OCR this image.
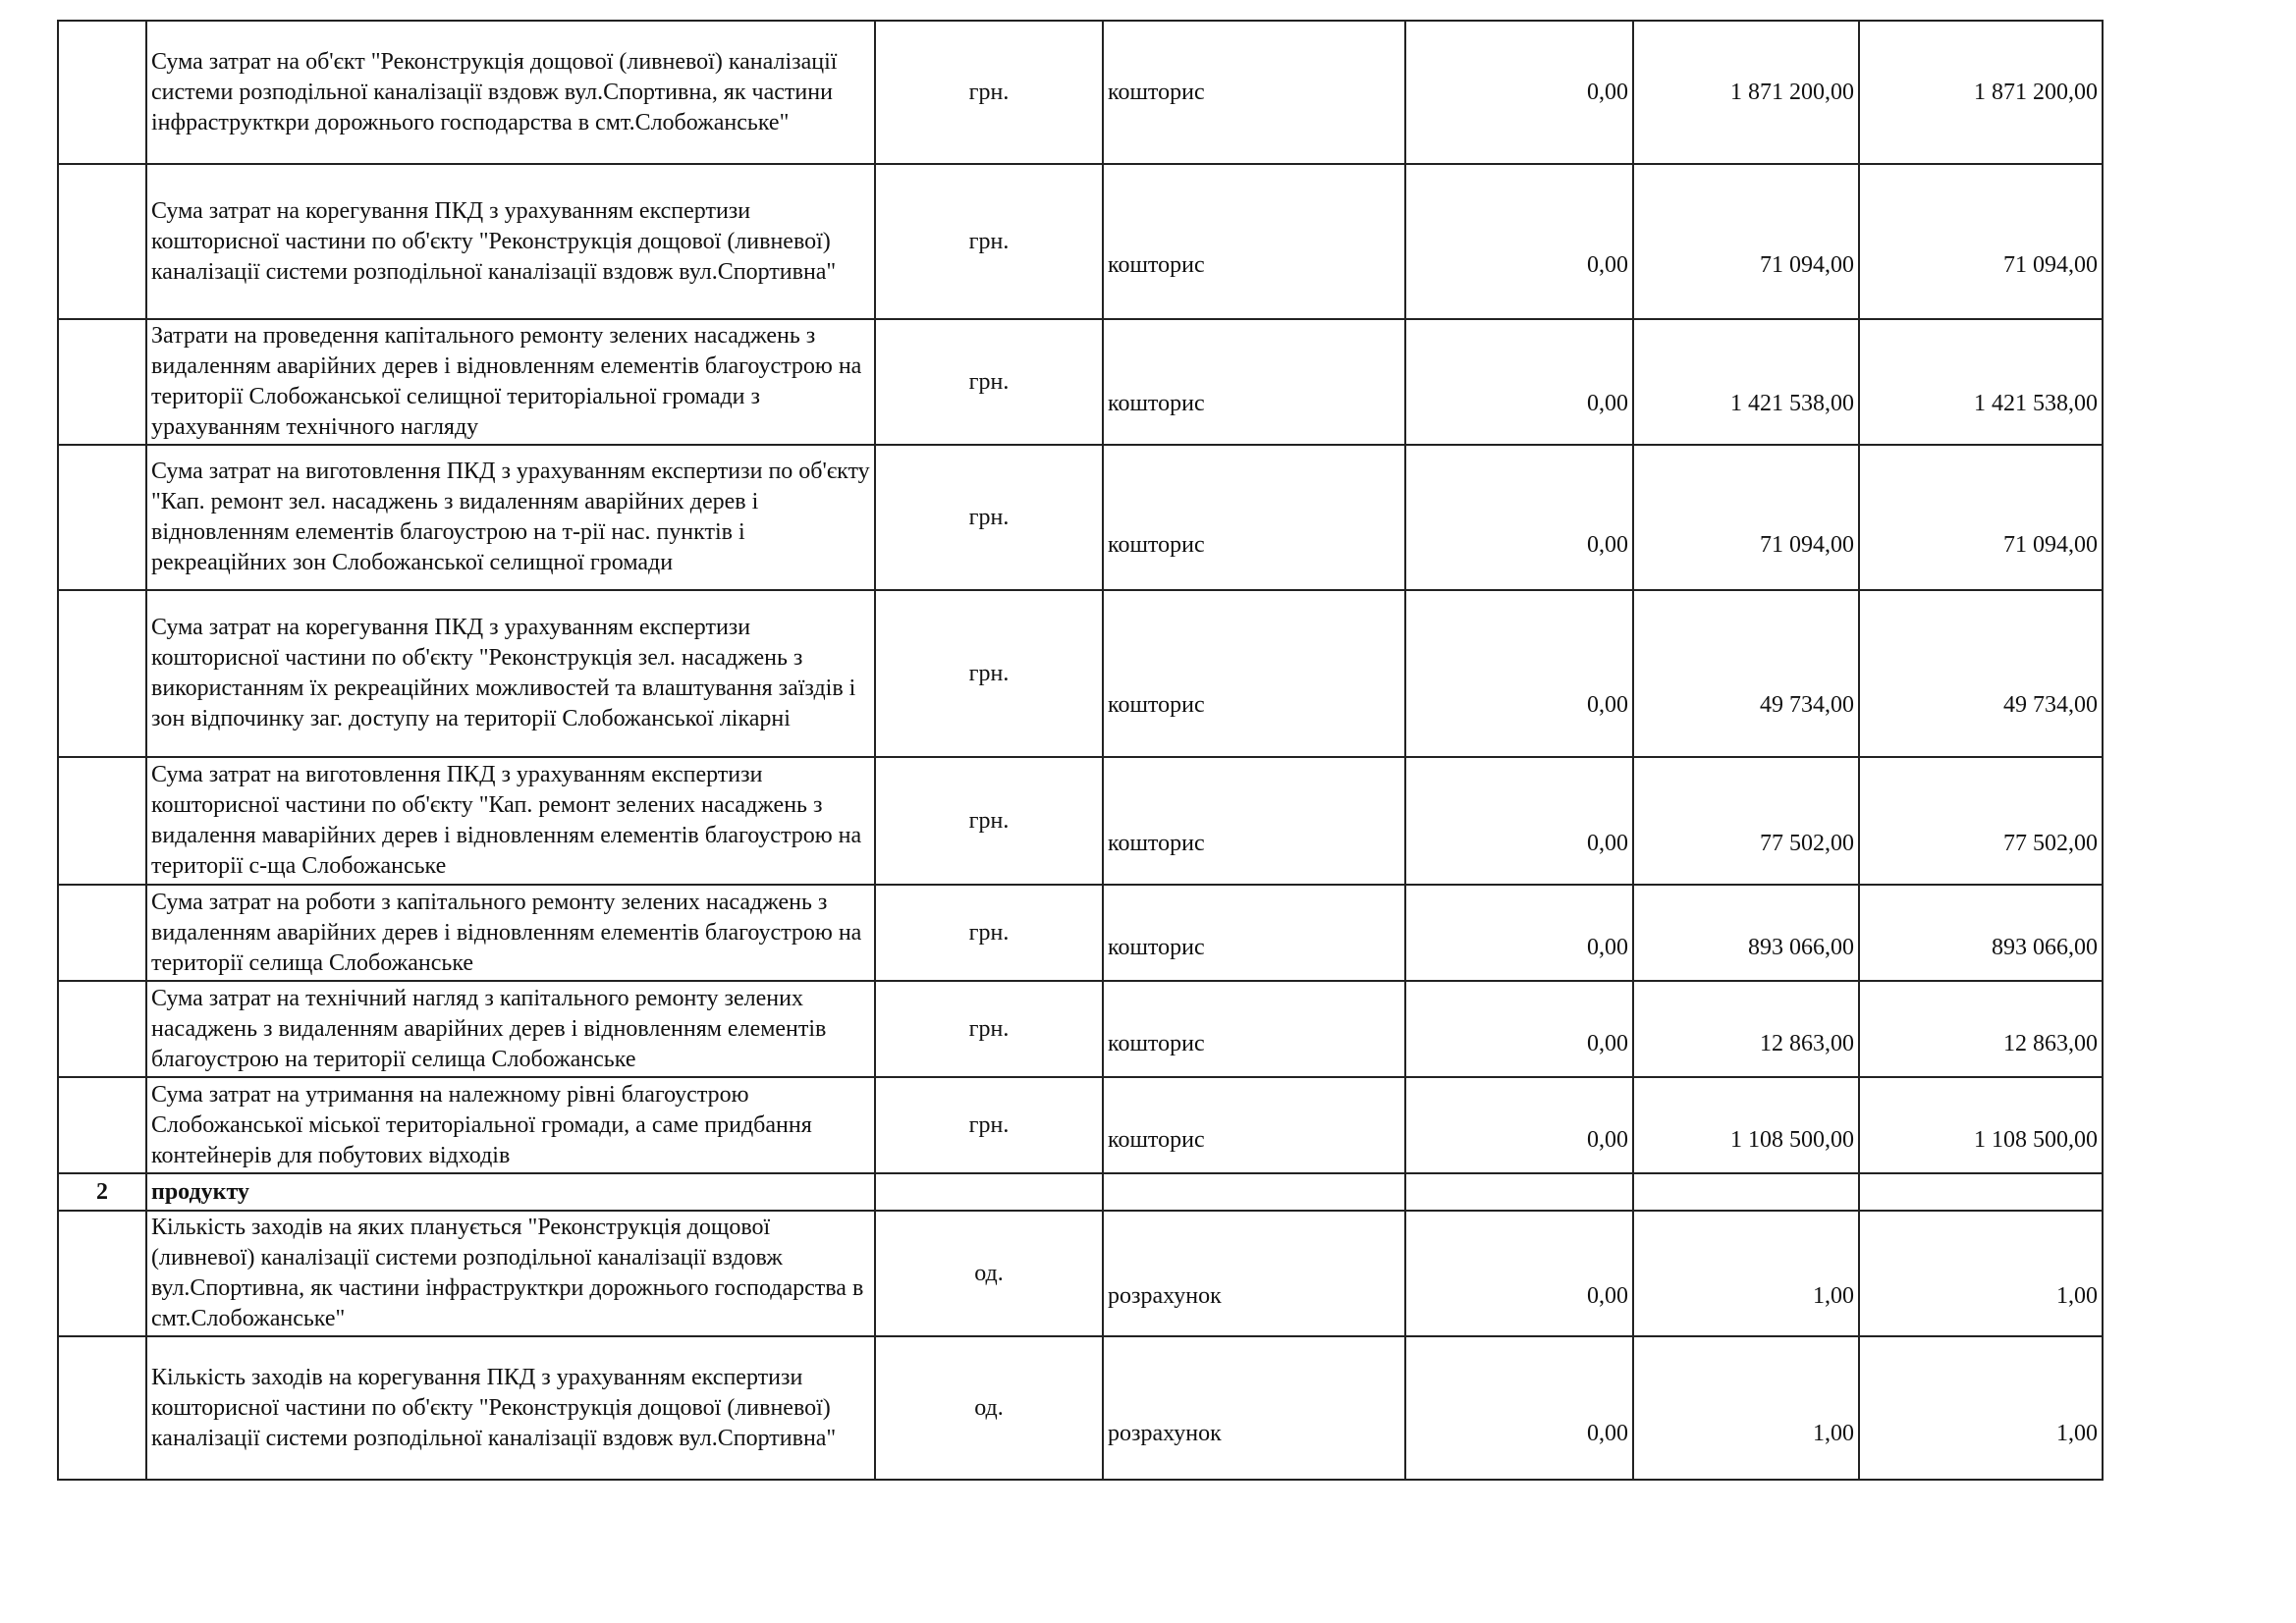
	Сума затрат на об'єкт "Реконструкція дощової (ливневої) каналізації системи розподільної каналізації вздовж вул.Спортивна, як частини інфраструкткри дорожнього господарства в смт.Слобожанське"	грн.	кошторис	0,00	1 871 200,00	1 871 200,00
	Сума затрат на корегування ПКД з урахуванням експертизи кошторисної частини по об'єкту "Реконструкція дощової (ливневої) каналізації системи розподільної каналізації вздовж вул.Спортивна"	грн.	кошторис	0,00	71 094,00	71 094,00
	Затрати на проведення капітального ремонту зелених насаджень з видаленням аварійних дерев і відновленням елементів благоустрою на території Слобожанської селищної територіальної громади з урахуванням технічного нагляду	грн.	кошторис	0,00	1 421 538,00	1 421 538,00
	Сума затрат на виготовлення ПКД з урахуванням експертизи по об'єкту "Кап. ремонт зел. насаджень з видаленням аварійних дерев і відновленням елементів благоустрою на т-рії нас. пунктів і рекреаційних зон Слобожанської селищної громади	грн.	кошторис	0,00	71 094,00	71 094,00
	Сума затрат на корегування ПКД з урахуванням експертизи кошторисної частини по об'єкту "Реконструкція зел. насаджень з використанням їх рекреаційних можливостей та влаштування заїздів і зон відпочинку заг. доступу на території Слобожанської лікарні	грн.	кошторис	0,00	49 734,00	49 734,00
	Сума затрат на виготовлення ПКД з урахуванням експертизи кошторисної частини по об'єкту "Кап. ремонт зелених насаджень з видалення маварійних дерев і відновленням елементів благоустрою на території с-ща Слобожанське	грн.	кошторис	0,00	77 502,00	77 502,00
	Сума затрат на роботи з капітального ремонту зелених насаджень з видаленням аварійних дерев і відновленням елементів благоустрою на території селища Слобожанське	грн.	кошторис	0,00	893 066,00	893 066,00
	Сума затрат на технічний нагляд з капітального ремонту зелених насаджень з видаленням аварійних дерев і відновленням елементів благоустрою на території селища Слобожанське	грн.	кошторис	0,00	12 863,00	12 863,00
	Сума затрат на утримання на належному рівні благоустрою Слобожанської міської територіальної громади, а саме придбання контейнерів для побутових відходів	грн.	кошторис	0,00	1 108 500,00	1 108 500,00
2	продукту					
	Кількість заходів на яких планується "Реконструкція дощової (ливневої) каналізації системи розподільної каналізації вздовж вул.Спортивна, як частини інфраструкткри дорожнього господарства в смт.Слобожанське"	од.	розрахунок	0,00	1,00	1,00
	Кількість заходів на корегування ПКД з урахуванням експертизи кошторисної частини по об'єкту "Реконструкція дощової (ливневої) каналізації системи розподільної каналізації вздовж вул.Спортивна"	од.	розрахунок	0,00	1,00	1,00
